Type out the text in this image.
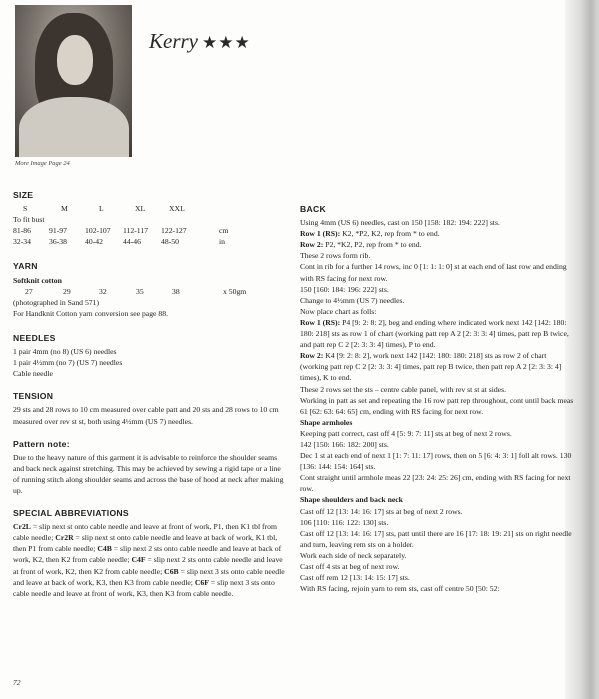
More Image Page 24
Kerry ★★★
SIZE
S	M	L	XL	XXL
To fit bust
81-86	91-97	102-107	112-117	122-127	cm
32-34	36-38	40-42	44-46	48-50	in
YARN
Softknit cotton
27	29	32	35	38	x 50gm
(photographed in Sand 571)
For Handknit Cotton yarn conversion see page 88.
NEEDLES
1 pair 4mm (no 8) (US 6) needles
1 pair 4½mm (no 7) (US 7) needles
Cable needle
TENSION

29 sts and 28 rows to 10 cm measured over cable patt and 20 sts and 28 rows to 10 cm measured over rev st st, both using 4½mm (US 7) needles.

Pattern note:

Due to the heavy nature of this garment it is advisable to reinforce the shoulder seams and back neck against stretching. This may be achieved by sewing a rigid tape or a line of running stitch along shoulder seams and across the base of hood at neck after making up.

SPECIAL ABBREVIATIONS

Cr2L = slip next st onto cable needle and leave at front of work, P1, then K1 tbl from cable needle; Cr2R = slip next st onto cable needle and leave at back of work, K1 tbl, then P1 from cable needle; C4B = slip next 2 sts onto cable needle and leave at back of work, K2, then K2 from cable needle; C4F = slip next 2 sts onto cable needle and leave at front of work, K2, then K2 from cable needle; C6B = slip next 3 sts onto cable needle and leave at back of work, K3, then K3 from cable needle; C6F = slip next 3 sts onto cable needle and leave at front of work, K3, then K3 from cable needle.

BACK

Using 4mm (US 6) needles, cast on 150 [158: 182: 194: 222] sts.

Row 1 (RS): K2, *P2, K2, rep from * to end.

Row 2: P2, *K2, P2, rep from * to end.

These 2 rows form rib.

Cont in rib for a further 14 rows, inc 0 [1: 1: 1: 0] st at each end of last row and ending with RS facing for next row.

150 [160: 184: 196: 222] sts.

Change to 4½mm (US 7) needles.

Now place chart as folls:

Row 1 (RS): P4 [9: 2: 8: 2], beg and ending where indicated work next 142 [142: 180: 180: 218] sts as row 1 of chart (working patt rep A 2 [2: 3: 3: 4] times, patt rep B twice, and patt rep C 2 [2: 3: 3: 4] times), P to end.

Row 2: K4 [9: 2: 8: 2], work next 142 [142: 180: 180: 218] sts as row 2 of chart (working patt rep C 2 [2: 3: 3: 4] times, patt rep B twice, then patt rep A 2 [2: 3: 3: 4] times), K to end.

These 2 rows set the sts – centre cable panel, with rev st st at sides.

Working in patt as set and repeating the 16 row patt rep throughout, cont until back meas 61 [62: 63: 64: 65] cm, ending with RS facing for next row.

Shape armholes

Keeping patt correct, cast off 4 [5: 9: 7: 11] sts at beg of next 2 rows.

142 [150: 166: 182: 200] sts.

Dec 1 st at each end of next 1 [1: 7: 11: 17] rows, then on 5 [6: 4: 3: 1] foll alt rows. 130 [136: 144: 154: 164] sts.

Cont straight until armhole meas 22 [23: 24: 25: 26] cm, ending with RS facing for next row.

Shape shoulders and back neck

Cast off 12 [13: 14: 16: 17] sts at beg of next 2 rows.

106 [110: 116: 122: 130] sts.

Cast off 12 [13: 14: 16: 17] sts, patt until there are 16 [17: 18: 19: 21] sts on right needle and turn, leaving rem sts on a holder.

Work each side of neck separately.

Cast off 4 sts at beg of next row.

Cast off rem 12 [13: 14: 15: 17] sts.

With RS facing, rejoin yarn to rem sts, cast off centre 50 [50: 52:

72
